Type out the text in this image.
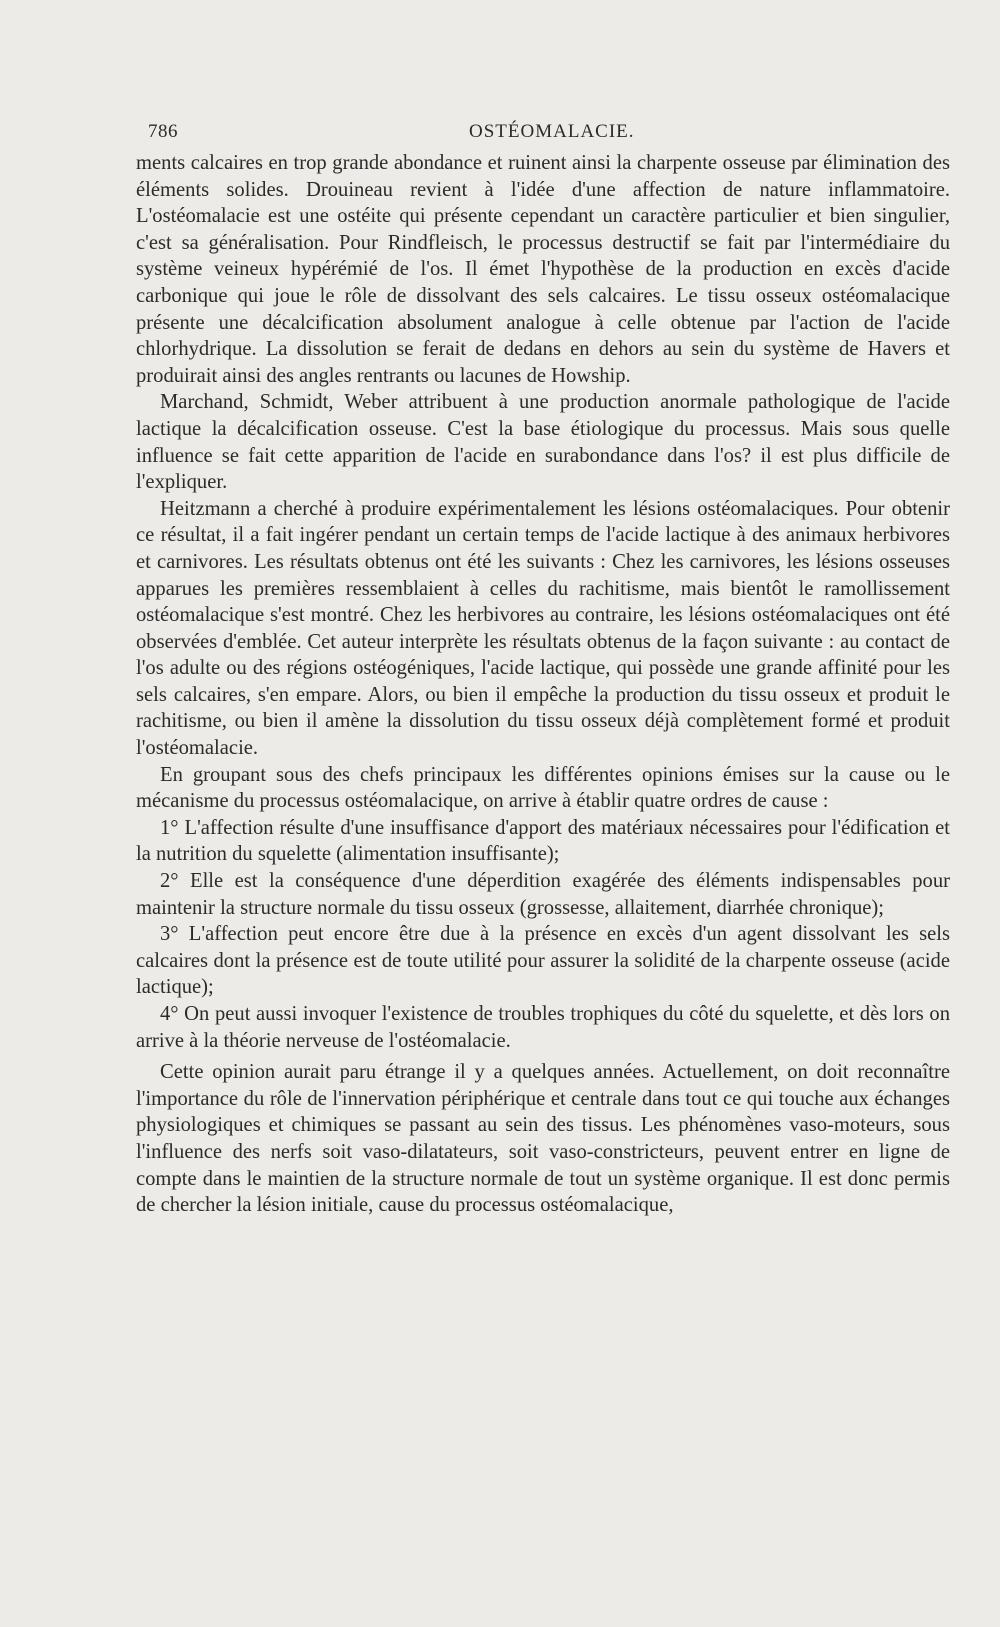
786	OSTÉOMALACIE.

ments calcaires en trop grande abondance et ruinent ainsi la charpente osseuse par élimination des éléments solides. Drouineau revient à l'idée d'une affection de nature inflammatoire. L'ostéomalacie est une ostéite qui présente cependant un caractère particulier et bien singulier, c'est sa généralisation. Pour Rindfleisch, le processus destructif se fait par l'intermédiaire du système veineux hypérémié de l'os. Il émet l'hypothèse de la production en excès d'acide carbonique qui joue le rôle de dissolvant des sels calcaires. Le tissu osseux ostéomalacique présente une décalcification absolument analogue à celle obtenue par l'action de l'acide chlorhydrique. La dissolution se ferait de dedans en dehors au sein du système de Havers et produirait ainsi des angles rentrants ou lacunes de Howship.

Marchand, Schmidt, Weber attribuent à une production anormale pathologique de l'acide lactique la décalcification osseuse. C'est la base étiologique du processus. Mais sous quelle influence se fait cette apparition de l'acide en surabondance dans l'os? il est plus difficile de l'expliquer.

Heitzmann a cherché à produire expérimentalement les lésions ostéomalaciques. Pour obtenir ce résultat, il a fait ingérer pendant un certain temps de l'acide lactique à des animaux herbivores et carnivores. Les résultats obtenus ont été les suivants : Chez les carnivores, les lésions osseuses apparues les premières ressemblaient à celles du rachitisme, mais bientôt le ramollissement ostéomalacique s'est montré. Chez les herbivores au contraire, les lésions ostéomalaciques ont été observées d'emblée. Cet auteur interprète les résultats obtenus de la façon suivante : au contact de l'os adulte ou des régions ostéogéniques, l'acide lactique, qui possède une grande affinité pour les sels calcaires, s'en empare. Alors, ou bien il empêche la production du tissu osseux et produit le rachitisme, ou bien il amène la dissolution du tissu osseux déjà complètement formé et produit l'ostéomalacie.

En groupant sous des chefs principaux les différentes opinions émises sur la cause ou le mécanisme du processus ostéomalacique, on arrive à établir quatre ordres de cause :

1° L'affection résulte d'une insuffisance d'apport des matériaux nécessaires pour l'édification et la nutrition du squelette (alimentation insuffisante);

2° Elle est la conséquence d'une déperdition exagérée des éléments indispensables pour maintenir la structure normale du tissu osseux (grossesse, allaitement, diarrhée chronique);

3° L'affection peut encore être due à la présence en excès d'un agent dissolvant les sels calcaires dont la présence est de toute utilité pour assurer la solidité de la charpente osseuse (acide lactique);

4° On peut aussi invoquer l'existence de troubles trophiques du côté du squelette, et dès lors on arrive à la théorie nerveuse de l'ostéomalacie.

Cette opinion aurait paru étrange il y a quelques années. Actuellement, on doit reconnaître l'importance du rôle de l'innervation périphérique et centrale dans tout ce qui touche aux échanges physiologiques et chimiques se passant au sein des tissus. Les phénomènes vaso-moteurs, sous l'influence des nerfs soit vaso-dilatateurs, soit vaso-constricteurs, peuvent entrer en ligne de compte dans le maintien de la structure normale de tout un système organique. Il est donc permis de chercher la lésion initiale, cause du processus ostéomalacique,
